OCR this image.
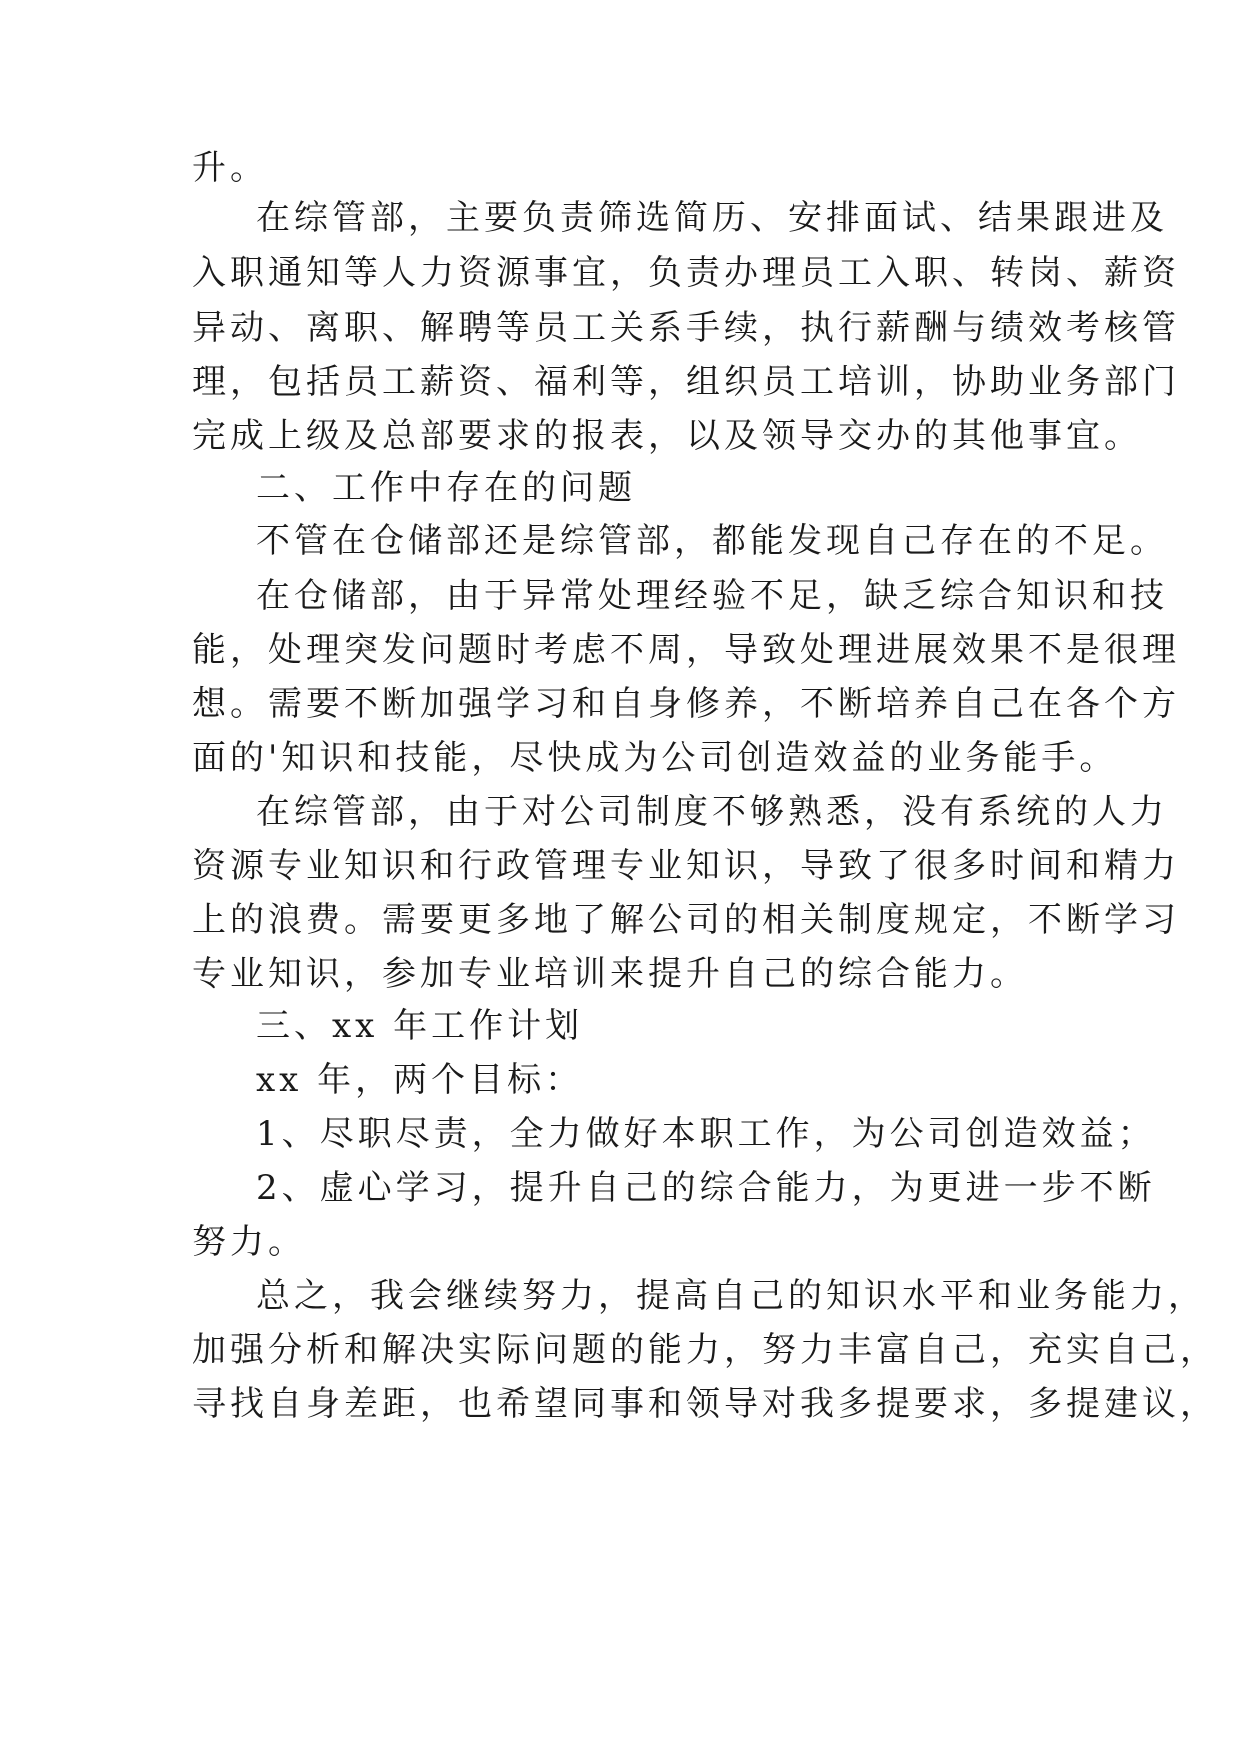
升。
在综管部，主要负责筛选简历、安排面试、结果跟进及
入职通知等人力资源事宜，负责办理员工入职、转岗、薪资
异动、离职、解聘等员工关系手续，执行薪酬与绩效考核管
理，包括员工薪资、福利等，组织员工培训，协助业务部门
完成上级及总部要求的报表，以及领导交办的其他事宜。
二、工作中存在的问题
不管在仓储部还是综管部，都能发现自己存在的不足。
在仓储部，由于异常处理经验不足，缺乏综合知识和技
能，处理突发问题时考虑不周，导致处理进展效果不是很理
想。需要不断加强学习和自身修养，不断培养自己在各个方
面的'知识和技能，尽快成为公司创造效益的业务能手。
在综管部，由于对公司制度不够熟悉，没有系统的人力
资源专业知识和行政管理专业知识，导致了很多时间和精力
上的浪费。需要更多地了解公司的相关制度规定，不断学习
专业知识，参加专业培训来提升自己的综合能力。
三、xx 年工作计划
xx 年，两个目标：
1、尽职尽责，全力做好本职工作，为公司创造效益；
2、虚心学习，提升自己的综合能力，为更进一步不断
努力。
总之，我会继续努力，提高自己的知识水平和业务能力，
加强分析和解决实际问题的能力，努力丰富自己，充实自己，
寻找自身差距，也希望同事和领导对我多提要求，多提建议，
